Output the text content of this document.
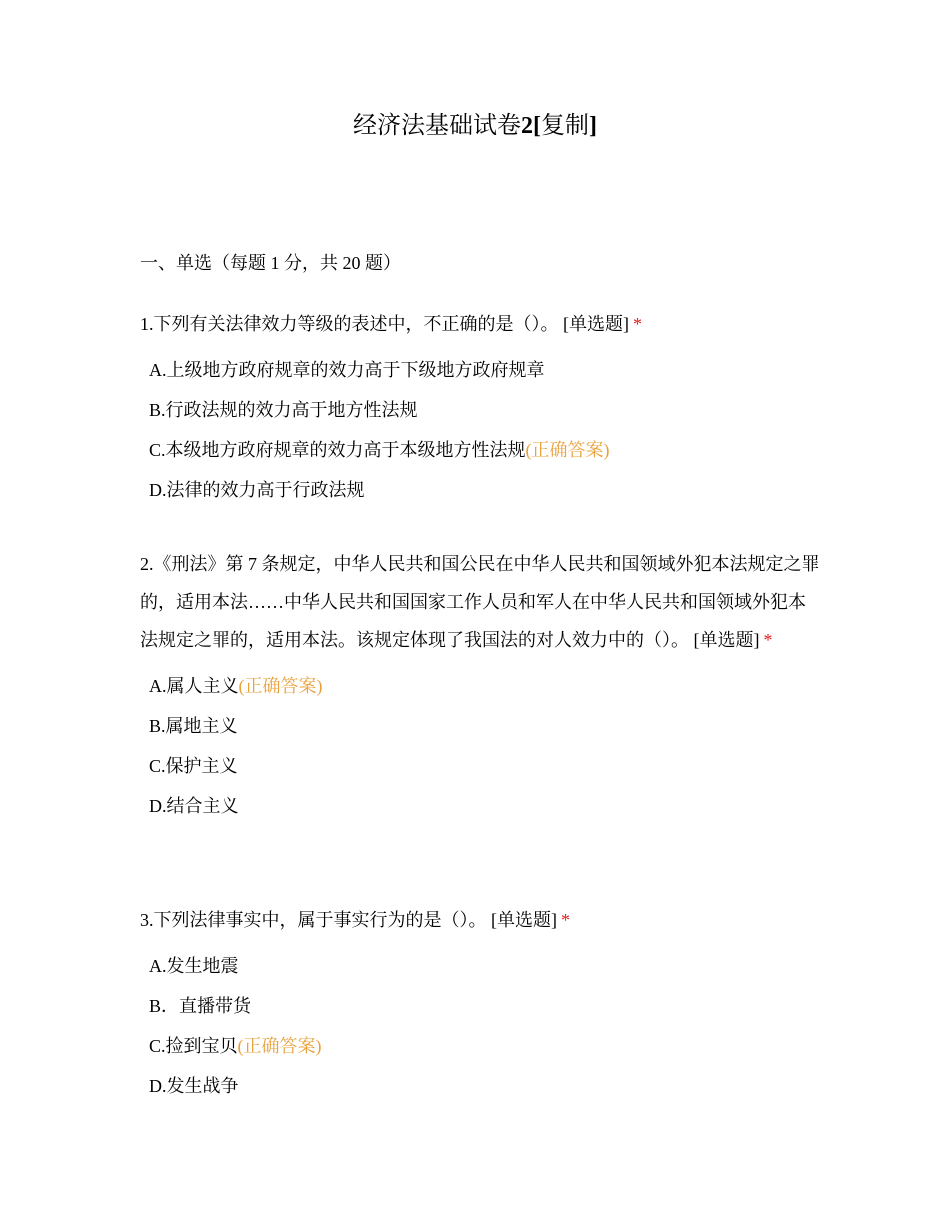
经济法基础试卷2[复制]
一、单选（每题 1 分，共 20 题）

1.下列有关法律效力等级的表述中，不正确的是（）。 [单选题] *

A.上级地方政府规章的效力高于下级地方政府规章
B.行政法规的效力高于地方性法规
C.本级地方政府规章的效力高于本级地方性法规(正确答案)
D.法律的效力高于行政法规

2.《刑法》第 7 条规定，中华人民共和国公民在中华人民共和国领域外犯本法规定之罪的，适用本法……中华人民共和国国家工作人员和军人在中华人民共和国领域外犯本法规定之罪的，适用本法。该规定体现了我国法的对人效力中的（）。 [单选题] *

A.属人主义(正确答案)
B.属地主义
C.保护主义
D.结合主义

3.下列法律事实中，属于事实行为的是（）。 [单选题] *

A.发生地震
B．直播带货
C.捡到宝贝(正确答案)
D.发生战争
